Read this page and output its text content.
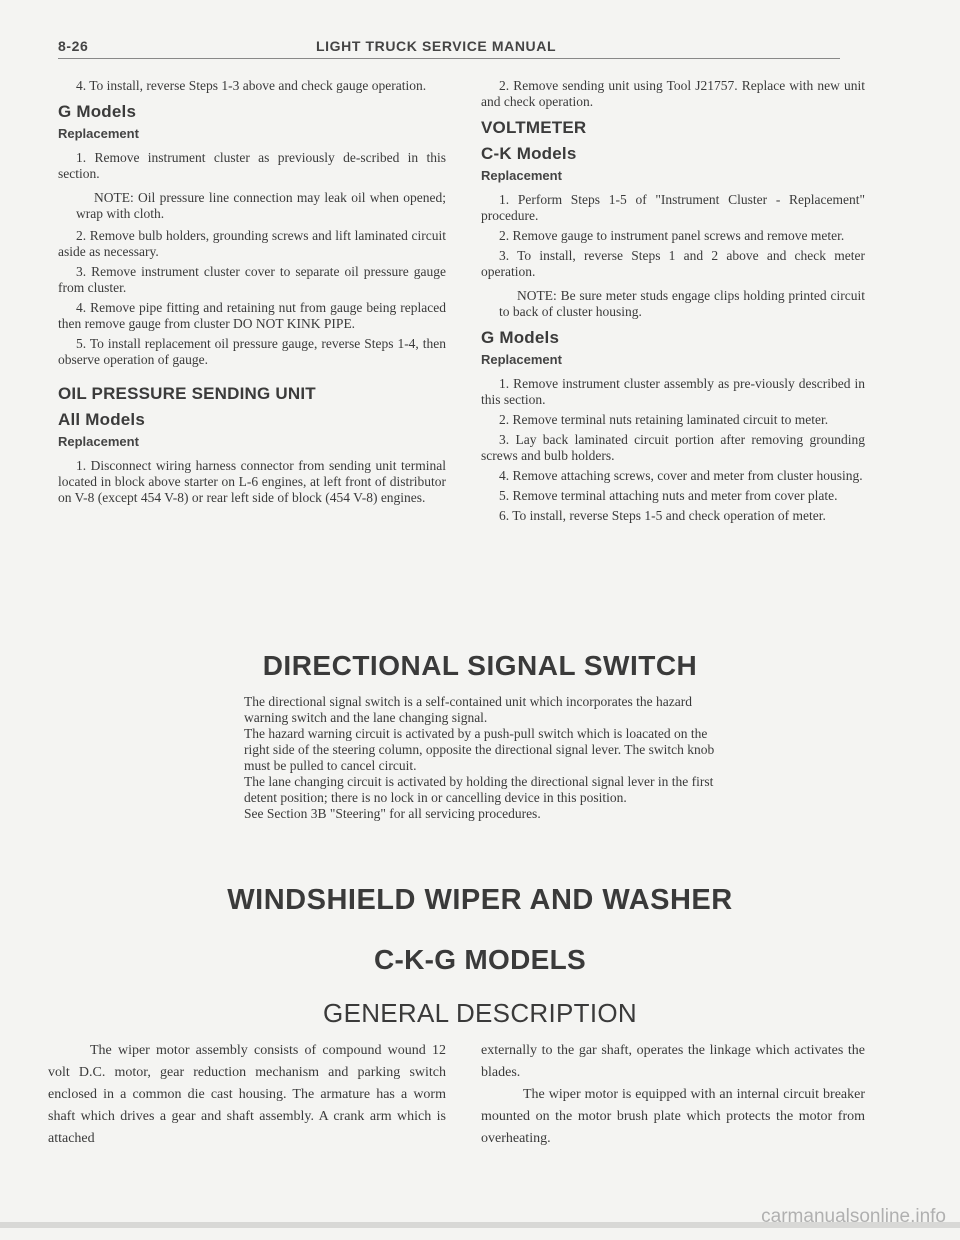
8-26	LIGHT TRUCK SERVICE MANUAL

4. To install, reverse Steps 1-3 above and check gauge operation.

G Models
Replacement

1. Remove instrument cluster as previously de-scribed in this section.

NOTE: Oil pressure line connection may leak oil when opened; wrap with cloth.

2. Remove bulb holders, grounding screws and lift laminated circuit aside as necessary.

3. Remove instrument cluster cover to separate oil pressure gauge from cluster.

4. Remove pipe fitting and retaining nut from gauge being replaced then remove gauge from cluster DO NOT KINK PIPE.

5. To install replacement oil pressure gauge, reverse Steps 1-4, then observe operation of gauge.

OIL PRESSURE SENDING UNIT
All Models
Replacement

1. Disconnect wiring harness connector from sending unit terminal located in block above starter on L-6 engines, at left front of distributor on V-8 (except 454 V-8) or rear left side of block (454 V-8) engines.

2. Remove sending unit using Tool J21757. Replace with new unit and check operation.

VOLTMETER
C-K Models
Replacement

1. Perform Steps 1-5 of "Instrument Cluster - Replacement" procedure.

2. Remove gauge to instrument panel screws and remove meter.

3. To install, reverse Steps 1 and 2 above and check meter operation.

NOTE: Be sure meter studs engage clips holding printed circuit to back of cluster housing.

G Models
Replacement

1. Remove instrument cluster assembly as pre-viously described in this section.

2. Remove terminal nuts retaining laminated circuit to meter.

3. Lay back laminated circuit portion after removing grounding screws and bulb holders.

4. Remove attaching screws, cover and meter from cluster housing.

5. Remove terminal attaching nuts and meter from cover plate.

6. To install, reverse Steps 1-5 and check operation of meter.

DIRECTIONAL SIGNAL SWITCH

The directional signal switch is a self-contained unit which incorporates the hazard warning switch and the lane changing signal.

The hazard warning circuit is activated by a push-pull switch which is loacated on the right side of the steering column, opposite the directional signal lever. The switch knob must be pulled to cancel circuit.

The lane changing circuit is activated by holding the directional signal lever in the first detent position; there is no lock in or cancelling device in this position.

See Section 3B "Steering" for all servicing procedures.

WINDSHIELD WIPER AND WASHER
C-K-G MODELS
GENERAL DESCRIPTION

The wiper motor assembly consists of compound wound 12 volt D.C. motor, gear reduction mechanism and parking switch enclosed in a common die cast housing. The armature has a worm shaft which drives a gear and shaft assembly. A crank arm which is attached

externally to the gar shaft, operates the linkage which activates the blades.

The wiper motor is equipped with an internal circuit breaker mounted on the motor brush plate which protects the motor from overheating.

carmanualsonline.info
